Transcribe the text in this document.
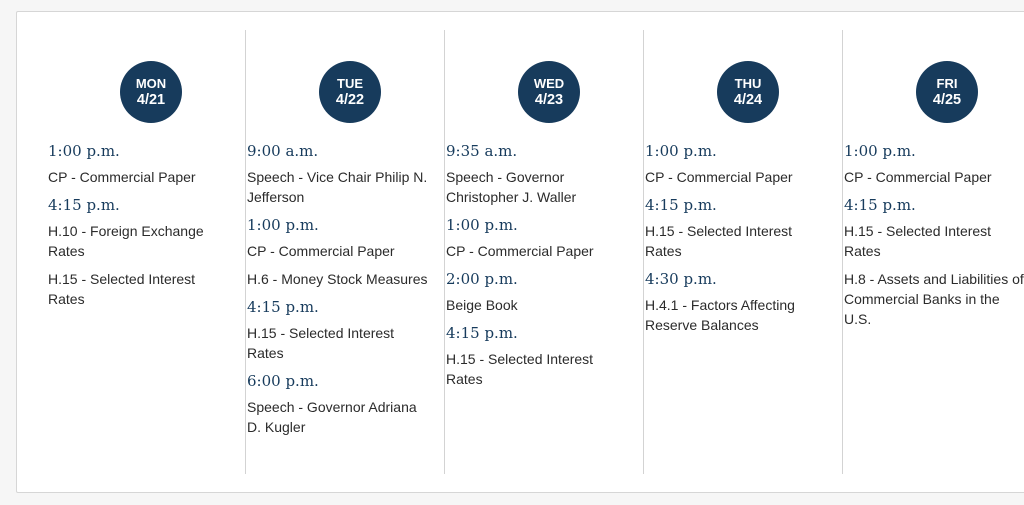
MON
4/21
1:00 p.m.
CP - Commercial Paper
4:15 p.m.
H.10 - Foreign Exchange Rates
H.15 - Selected Interest Rates
TUE
4/22
9:00 a.m.
Speech - Vice Chair Philip N. Jefferson
1:00 p.m.
CP - Commercial Paper
H.6 - Money Stock Measures
4:15 p.m.
H.15 - Selected Interest Rates
6:00 p.m.
Speech - Governor Adriana D. Kugler
WED
4/23
9:35 a.m.
Speech - Governor Christopher J. Waller
1:00 p.m.
CP - Commercial Paper
2:00 p.m.
Beige Book
4:15 p.m.
H.15 - Selected Interest Rates
THU
4/24
1:00 p.m.
CP - Commercial Paper
4:15 p.m.
H.15 - Selected Interest Rates
4:30 p.m.
H.4.1 - Factors Affecting Reserve Balances
FRI
4/25
1:00 p.m.
CP - Commercial Paper
4:15 p.m.
H.15 - Selected Interest Rates
H.8 - Assets and Liabilities of Commercial Banks in the U.S.
